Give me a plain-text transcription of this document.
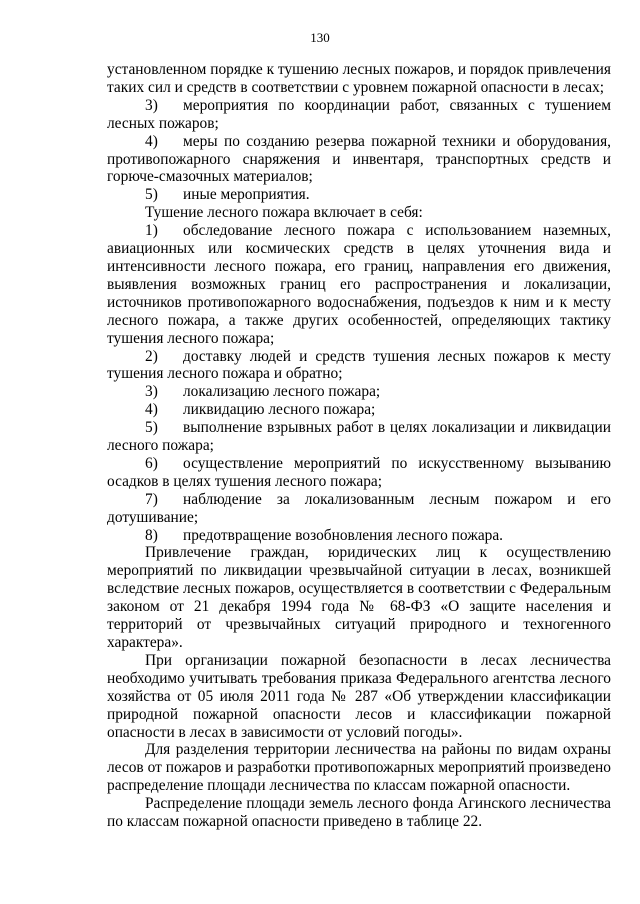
130

установленном порядке к тушению лесных пожаров, и порядок привлечения таких сил и средств в соответствии с уровнем пожарной опасности в лесах;

3) мероприятия по координации работ, связанных с тушением лесных пожаров;

4) меры по созданию резерва пожарной техники и оборудования, противопожарного снаряжения и инвентаря, транспортных средств и горюче-смазочных материалов;

5) иные мероприятия.

Тушение лесного пожара включает в себя:

1) обследование лесного пожара с использованием наземных, авиационных или космических средств в целях уточнения вида и интенсивности лесного пожара, его границ, направления его движения, выявления возможных границ его распространения и локализации, источников противопожарного водоснабжения, подъездов к ним и к месту лесного пожара, а также других особенностей, определяющих тактику тушения лесного пожара;

2) доставку людей и средств тушения лесных пожаров к месту тушения лесного пожара и обратно;

3) локализацию лесного пожара;

4) ликвидацию лесного пожара;

5) выполнение взрывных работ в целях локализации и ликвидации лесного пожара;

6) осуществление мероприятий по искусственному вызыванию осадков в целях тушения лесного пожара;

7) наблюдение за локализованным лесным пожаром и его дотушивание;

8) предотвращение возобновления лесного пожара.

Привлечение граждан, юридических лиц к осуществлению мероприятий по ликвидации чрезвычайной ситуации в лесах, возникшей вследствие лесных пожаров, осуществляется в соответствии с Федеральным законом от 21 декабря 1994 года № 68-ФЗ «О защите населения и территорий от чрезвычайных ситуаций природного и техногенного характера».

При организации пожарной безопасности в лесах лесничества необходимо учитывать требования приказа Федерального агентства лесного хозяйства от 05 июля 2011 года № 287 «Об утверждении классификации природной пожарной опасности лесов и классификации пожарной опасности в лесах в зависимости от условий погоды».

Для разделения территории лесничества на районы по видам охраны лесов от пожаров и разработки противопожарных мероприятий произведено распределение площади лесничества по классам пожарной опасности.

Распределение площади земель лесного фонда Агинского лесничества по классам пожарной опасности приведено в таблице 22.
